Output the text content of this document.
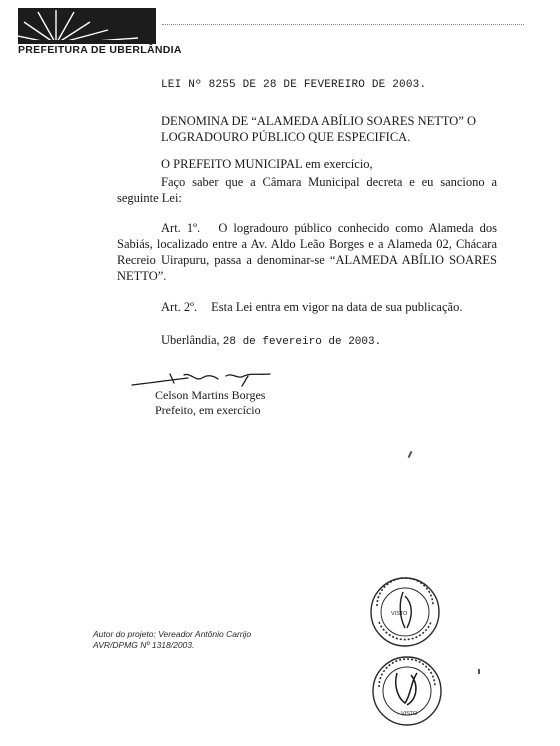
PREFEITURA DE UBERLÂNDIA
LEI Nº 8255 DE 28 DE FEVEREIRO DE 2003.
DENOMINA DE “ALAMEDA ABÍLIO SOARES NETTO” O LOGRADOURO PÚBLICO QUE ESPECIFICA.
O PREFEITO MUNICIPAL em exercício,
Faço saber que a Câmara Municipal decreta e eu sanciono a seguinte Lei:
Art. 1º. O logradouro público conhecido como Alameda dos Sabiás, localizado entre a Av. Aldo Leão Borges e a Alameda 02, Chácara Recreio Uirapuru, passa a denominar-se “ALAMEDA ABÍLIO SOARES NETTO”.
Art. 2º. Esta Lei entra em vigor na data de sua publicação.
Uberlândia, 28 de fevereiro de 2003.
Celson Martins Borges
Prefeito, em exercício
Autor do projeto: Vereador Antônio Carrijo
AVR/DPMG Nº 1318/2003.
VISTO
VISTO
